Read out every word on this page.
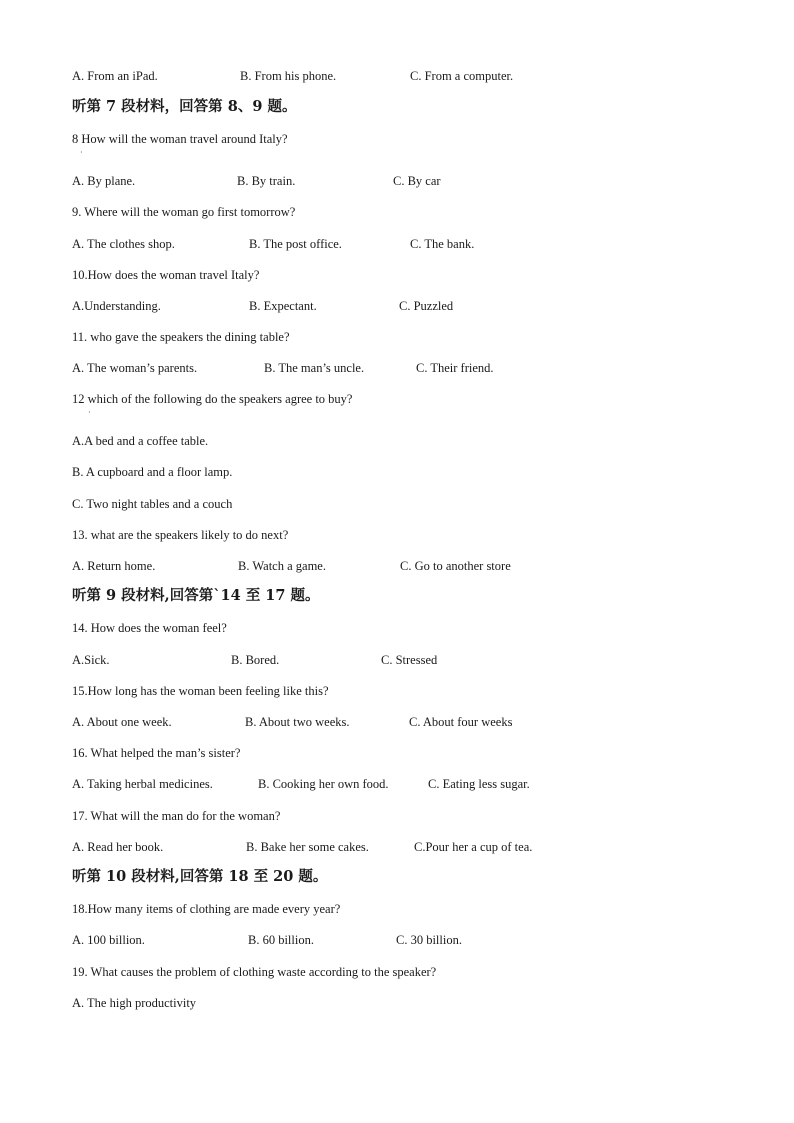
A. From an iPad.	B. From his phone.	C. From a computer.
听第 7 段材料，回答第 8、9 题。
8 How will the woman travel around Italy?
A. By plane.	B. By train.	C. By car
9. Where will the woman go first tomorrow?
A. The clothes shop.	B. The post office.	C. The bank.
10.How does the woman travel Italy?
A.Understanding.	B. Expectant.	C. Puzzled
11. who gave the speakers the dining table?
A. The woman’s parents.	B. The man’s uncle.	C. Their friend.
12 which of the following do the speakers agree to buy?
A.A bed and a coffee table.
B. A cupboard and a floor lamp.
C. Two night tables and a couch
13. what are the speakers likely to do next?
A. Return home.	B. Watch a game.	C. Go to another store
听第 9 段材料,回答第`14 至 17 题。
14. How does the woman feel?
A.Sick.	B. Bored.	C. Stressed
15.How long has the woman been feeling like this?
A. About one week.	B. About two weeks.	C. About four weeks
16. What helped the man’s sister?
A. Taking herbal medicines.	B. Cooking her own food.	C. Eating less sugar.
17. What will the man do for the woman?
A. Read her book.	B. Bake her some cakes.	C.Pour her a cup of tea.
听第 10 段材料,回答第 18 至 20 题。
18.How many items of clothing are made every year?
A. 100 billion.	B. 60 billion.	C. 30 billion.
19. What causes the problem of clothing waste according to the speaker?
A. The high productivity
·
·
